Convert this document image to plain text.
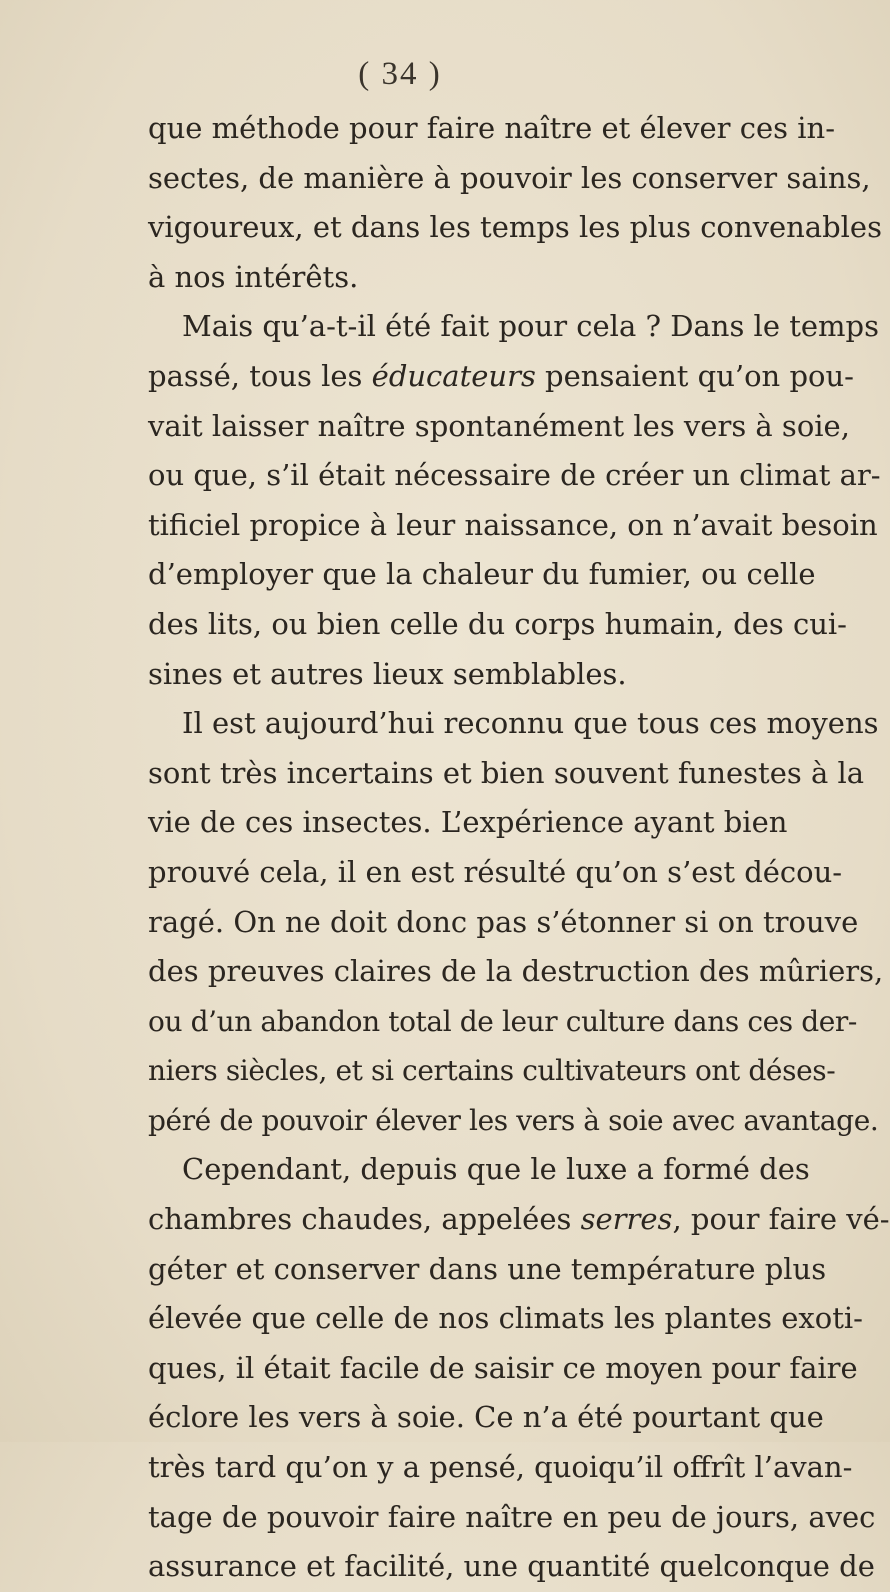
( 34 )
que méthode pour faire naître et élever ces in-
sectes, de manière à pouvoir les conserver sains,
vigoureux, et dans les temps les plus convenables
à nos intérêts.
Mais qu’a-t-il été fait pour cela ? Dans le temps
passé, tous les éducateurs pensaient qu’on pou-
vait laisser naître spontanément les vers à soie,
ou que, s’il était nécessaire de créer un climat ar-
tificiel propice à leur naissance, on n’avait besoin
d’employer que la chaleur du fumier, ou celle
des lits, ou bien celle du corps humain, des cui-
sines et autres lieux semblables.
Il est aujourd’hui reconnu que tous ces moyens
sont très incertains et bien souvent funestes à la
vie de ces insectes. L’expérience ayant bien
prouvé cela, il en est résulté qu’on s’est décou-
ragé. On ne doit donc pas s’étonner si on trouve
des preuves claires de la destruction des mûriers,
ou d’un abandon total de leur culture dans ces der-
niers siècles, et si certains cultivateurs ont déses-
péré de pouvoir élever les vers à soie avec avantage.
Cependant, depuis que le luxe a formé des
chambres chaudes, appelées serres, pour faire vé-
géter et conserver dans une température plus
élevée que celle de nos climats les plantes exoti-
ques, il était facile de saisir ce moyen pour faire
éclore les vers à soie. Ce n’a été pourtant que
très tard qu’on y a pensé, quoiqu’il offrît l’avan-
tage de pouvoir faire naître en peu de jours, avec
assurance et facilité, une quantité quelconque de
